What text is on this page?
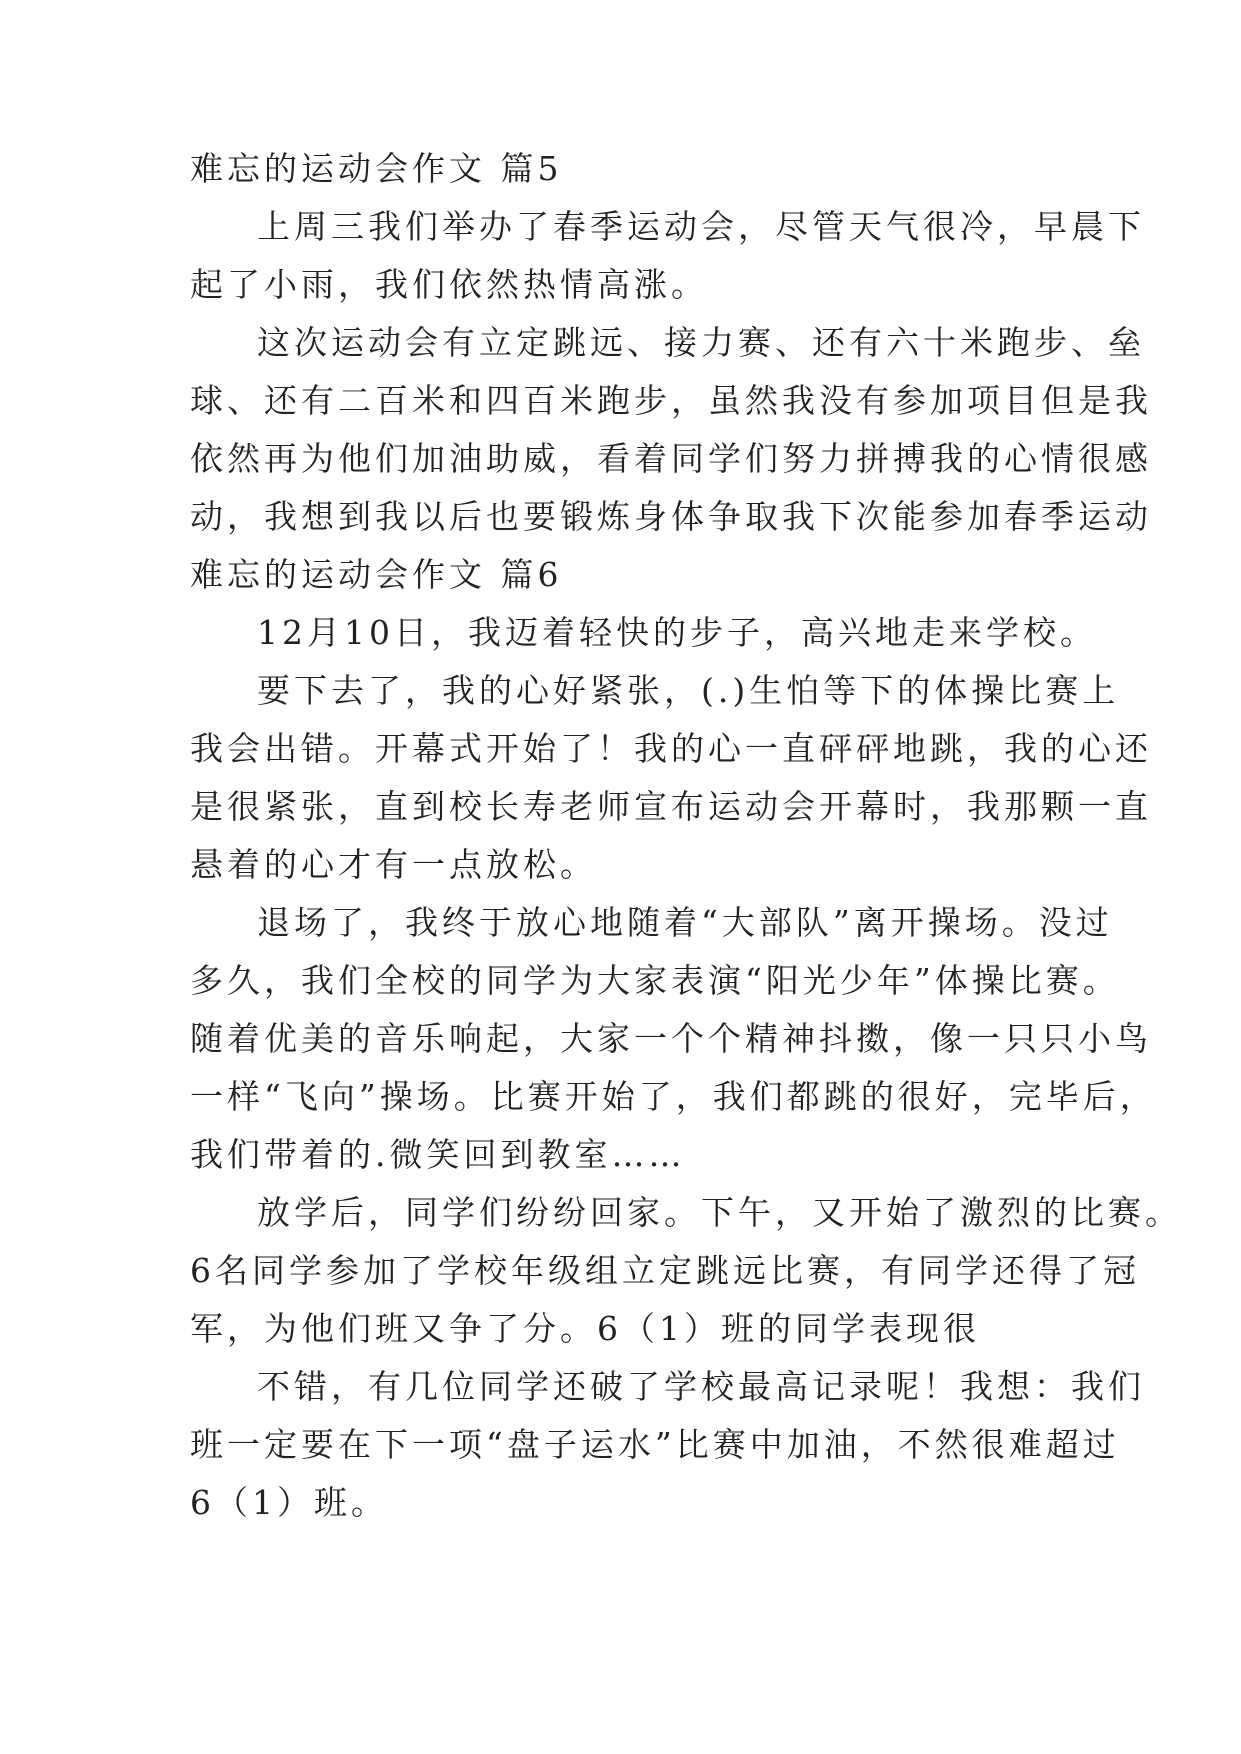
难忘的运动会作文 篇5
上周三我们举办了春季运动会，尽管天气很冷，早晨下
起了小雨，我们依然热情高涨。
这次运动会有立定跳远、接力赛、还有六十米跑步、垒
球、还有二百米和四百米跑步，虽然我没有参加项目但是我
依然再为他们加油助威，看着同学们努力拼搏我的心情很感
动，我想到我以后也要锻炼身体争取我下次能参加春季运动
难忘的运动会作文 篇6
12月10日，我迈着轻快的步子，高兴地走来学校。
要下去了，我的心好紧张，(.)生怕等下的体操比赛上
我会出错。开幕式开始了！我的心一直砰砰地跳，我的心还
是很紧张，直到校长寿老师宣布运动会开幕时，我那颗一直
悬着的心才有一点放松。
退场了，我终于放心地随着“大部队”离开操场。没过
多久，我们全校的同学为大家表演“阳光少年”体操比赛。
随着优美的音乐响起，大家一个个精神抖擞，像一只只小鸟
一样“飞向”操场。比赛开始了，我们都跳的很好，完毕后，
我们带着的.微笑回到教室……
放学后，同学们纷纷回家。下午，又开始了激烈的比赛。
6名同学参加了学校年级组立定跳远比赛，有同学还得了冠
军，为他们班又争了分。6（1）班的同学表现很
不错，有几位同学还破了学校最高记录呢！我想：我们
班一定要在下一项“盘子运水”比赛中加油，不然很难超过
6（1）班。
